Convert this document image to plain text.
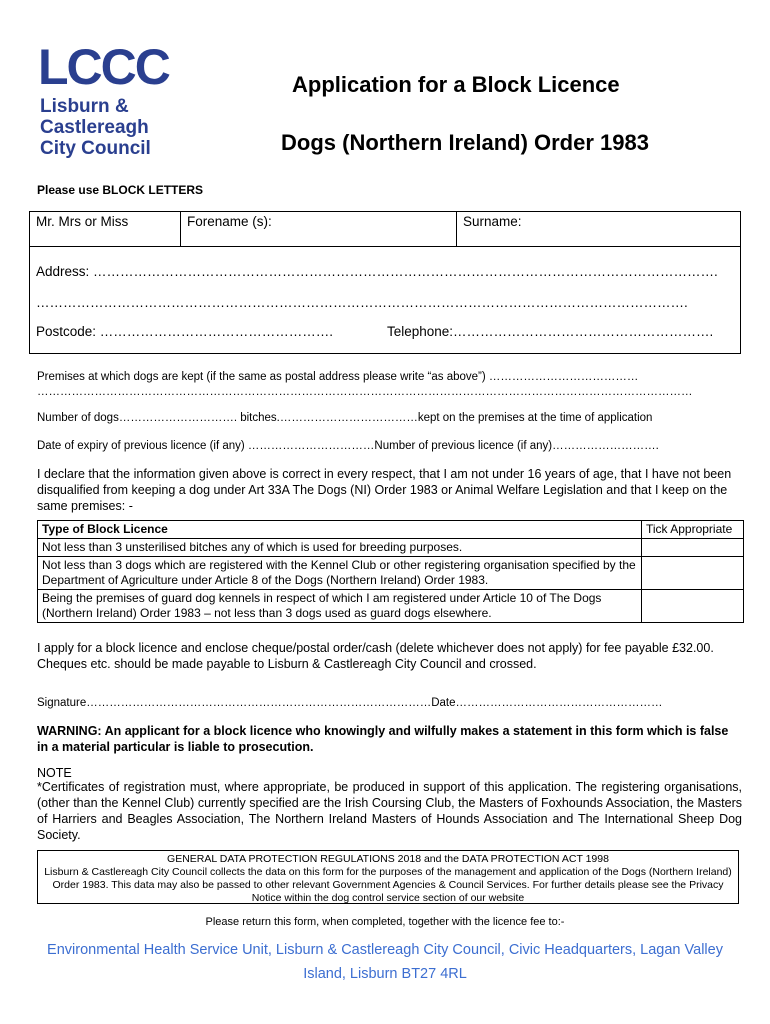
LCCC
Lisburn &
Castlereagh
City Council
Application for a Block Licence
Dogs (Northern Ireland) Order 1983
Please use BLOCK LETTERS
Mr. Mrs or Miss	Forename (s):	Surname:
Address: ………………………………………………………………………………………………………………………….
……………………………………………………………………………………………………………………………….
Postcode: …………………………………………….	Telephone:………………………………………………….
Premises at which dogs are kept (if the same as postal address please write “as above”) …………………………………
………………………………………………………………………………………………………………………………………………………
Number of dogs…………………………. bitches.………………………………kept on the premises at the time of application
Date of expiry of previous licence (if any) ……………………………Number of previous licence (if any)……………………….
I declare that the information given above is correct in every respect, that I am not under 16 years of age, that I have not been disqualified from keeping a dog under Art 33A The Dogs (NI) Order 1983 or Animal Welfare Legislation and that I keep on the same premises: -
Type of Block Licence	Tick Appropriate
Not less than 3 unsterilised bitches any of which is used for breeding purposes.	
Not less than 3 dogs which are registered with the Kennel Club or other registering organisation specified by the Department of Agriculture under Article 8 of the Dogs (Northern Ireland) Order 1983.	
Being the premises of guard dog kennels in respect of which I am registered under Article 10 of The Dogs (Northern Ireland) Order 1983 – not less than 3 dogs used as guard dogs elsewhere.	
I apply for a block licence and enclose cheque/postal order/cash (delete whichever does not apply) for fee payable £32.00. Cheques etc. should be made payable to Lisburn & Castlereagh City Council and crossed.
Signature………………………………………………………………………………Date………………………………………………
WARNING: An applicant for a block licence who knowingly and wilfully makes a statement in this form which is false in a material particular is liable to prosecution.
NOTE
*Certificates of registration must, where appropriate, be produced in support of this application. The registering organisations, (other than the Kennel Club) currently specified are the Irish Coursing Club, the Masters of Foxhounds Association, the Masters of Harriers and Beagles Association, The Northern Ireland Masters of Hounds Association and The International Sheep Dog Society.
GENERAL DATA PROTECTION REGULATIONS 2018 and the DATA PROTECTION ACT 1998
Lisburn & Castlereagh City Council collects the data on this form for the purposes of the management and application of the Dogs (Northern Ireland) Order 1983. This data may also be passed to other relevant Government Agencies & Council Services. For further details please see the Privacy Notice within the dog control service section of our website
Please return this form, when completed, together with the licence fee to:-
Environmental Health Service Unit, Lisburn & Castlereagh City Council, Civic Headquarters, Lagan Valley
Island, Lisburn BT27 4RL
